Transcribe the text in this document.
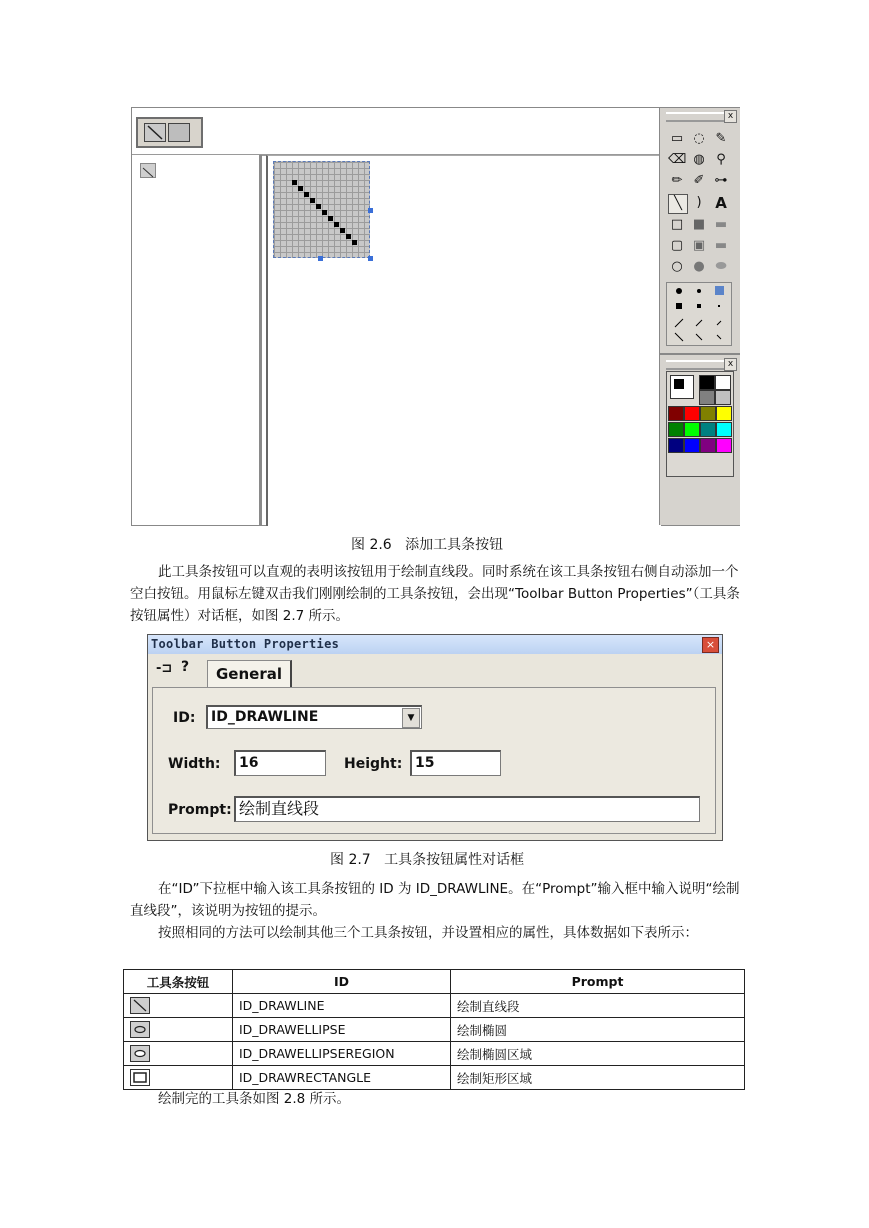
x
▭ ◌ ✎
⌫ ◍ ⚲
✏ ✐ ⊶
╲	) A
□ ■ ▬
▢ ▣ ▬
○ ● ⬬
x
图 2.6 添加工具条按钮
此工具条按钮可以直观的表明该按钮用于绘制直线段。同时系统在该工具条按钮右侧自动添加一个空白按钮。用鼠标左键双击我们刚刚绘制的工具条按钮，会出现“Toolbar Button Properties”（工具条按钮属性）对话框，如图 2.7 所示。
Toolbar Button Properties	×
-⊐ ?	General
ID:	ID_DRAWLINE	▼
Width:	16	Height: 15
Prompt: 绘制直线段
图 2.7 工具条按钮属性对话框
在“ID”下拉框中输入该工具条按钮的 ID 为 ID_DRAWLINE。在“Prompt”输入框中输入说明“绘制直线段”，该说明为按钮的提示。
按照相同的方法可以绘制其他三个工具条按钮，并设置相应的属性，具体数据如下表所示：
工具条按钮	ID	Prompt

	ID_DRAWLINE	绘制直线段

	ID_DRAWELLIPSE	绘制椭圆

	ID_DRAWELLIPSEREGION	绘制椭圆区域

	ID_DRAWRECTANGLE	绘制矩形区域
绘制完的工具条如图 2.8 所示。
